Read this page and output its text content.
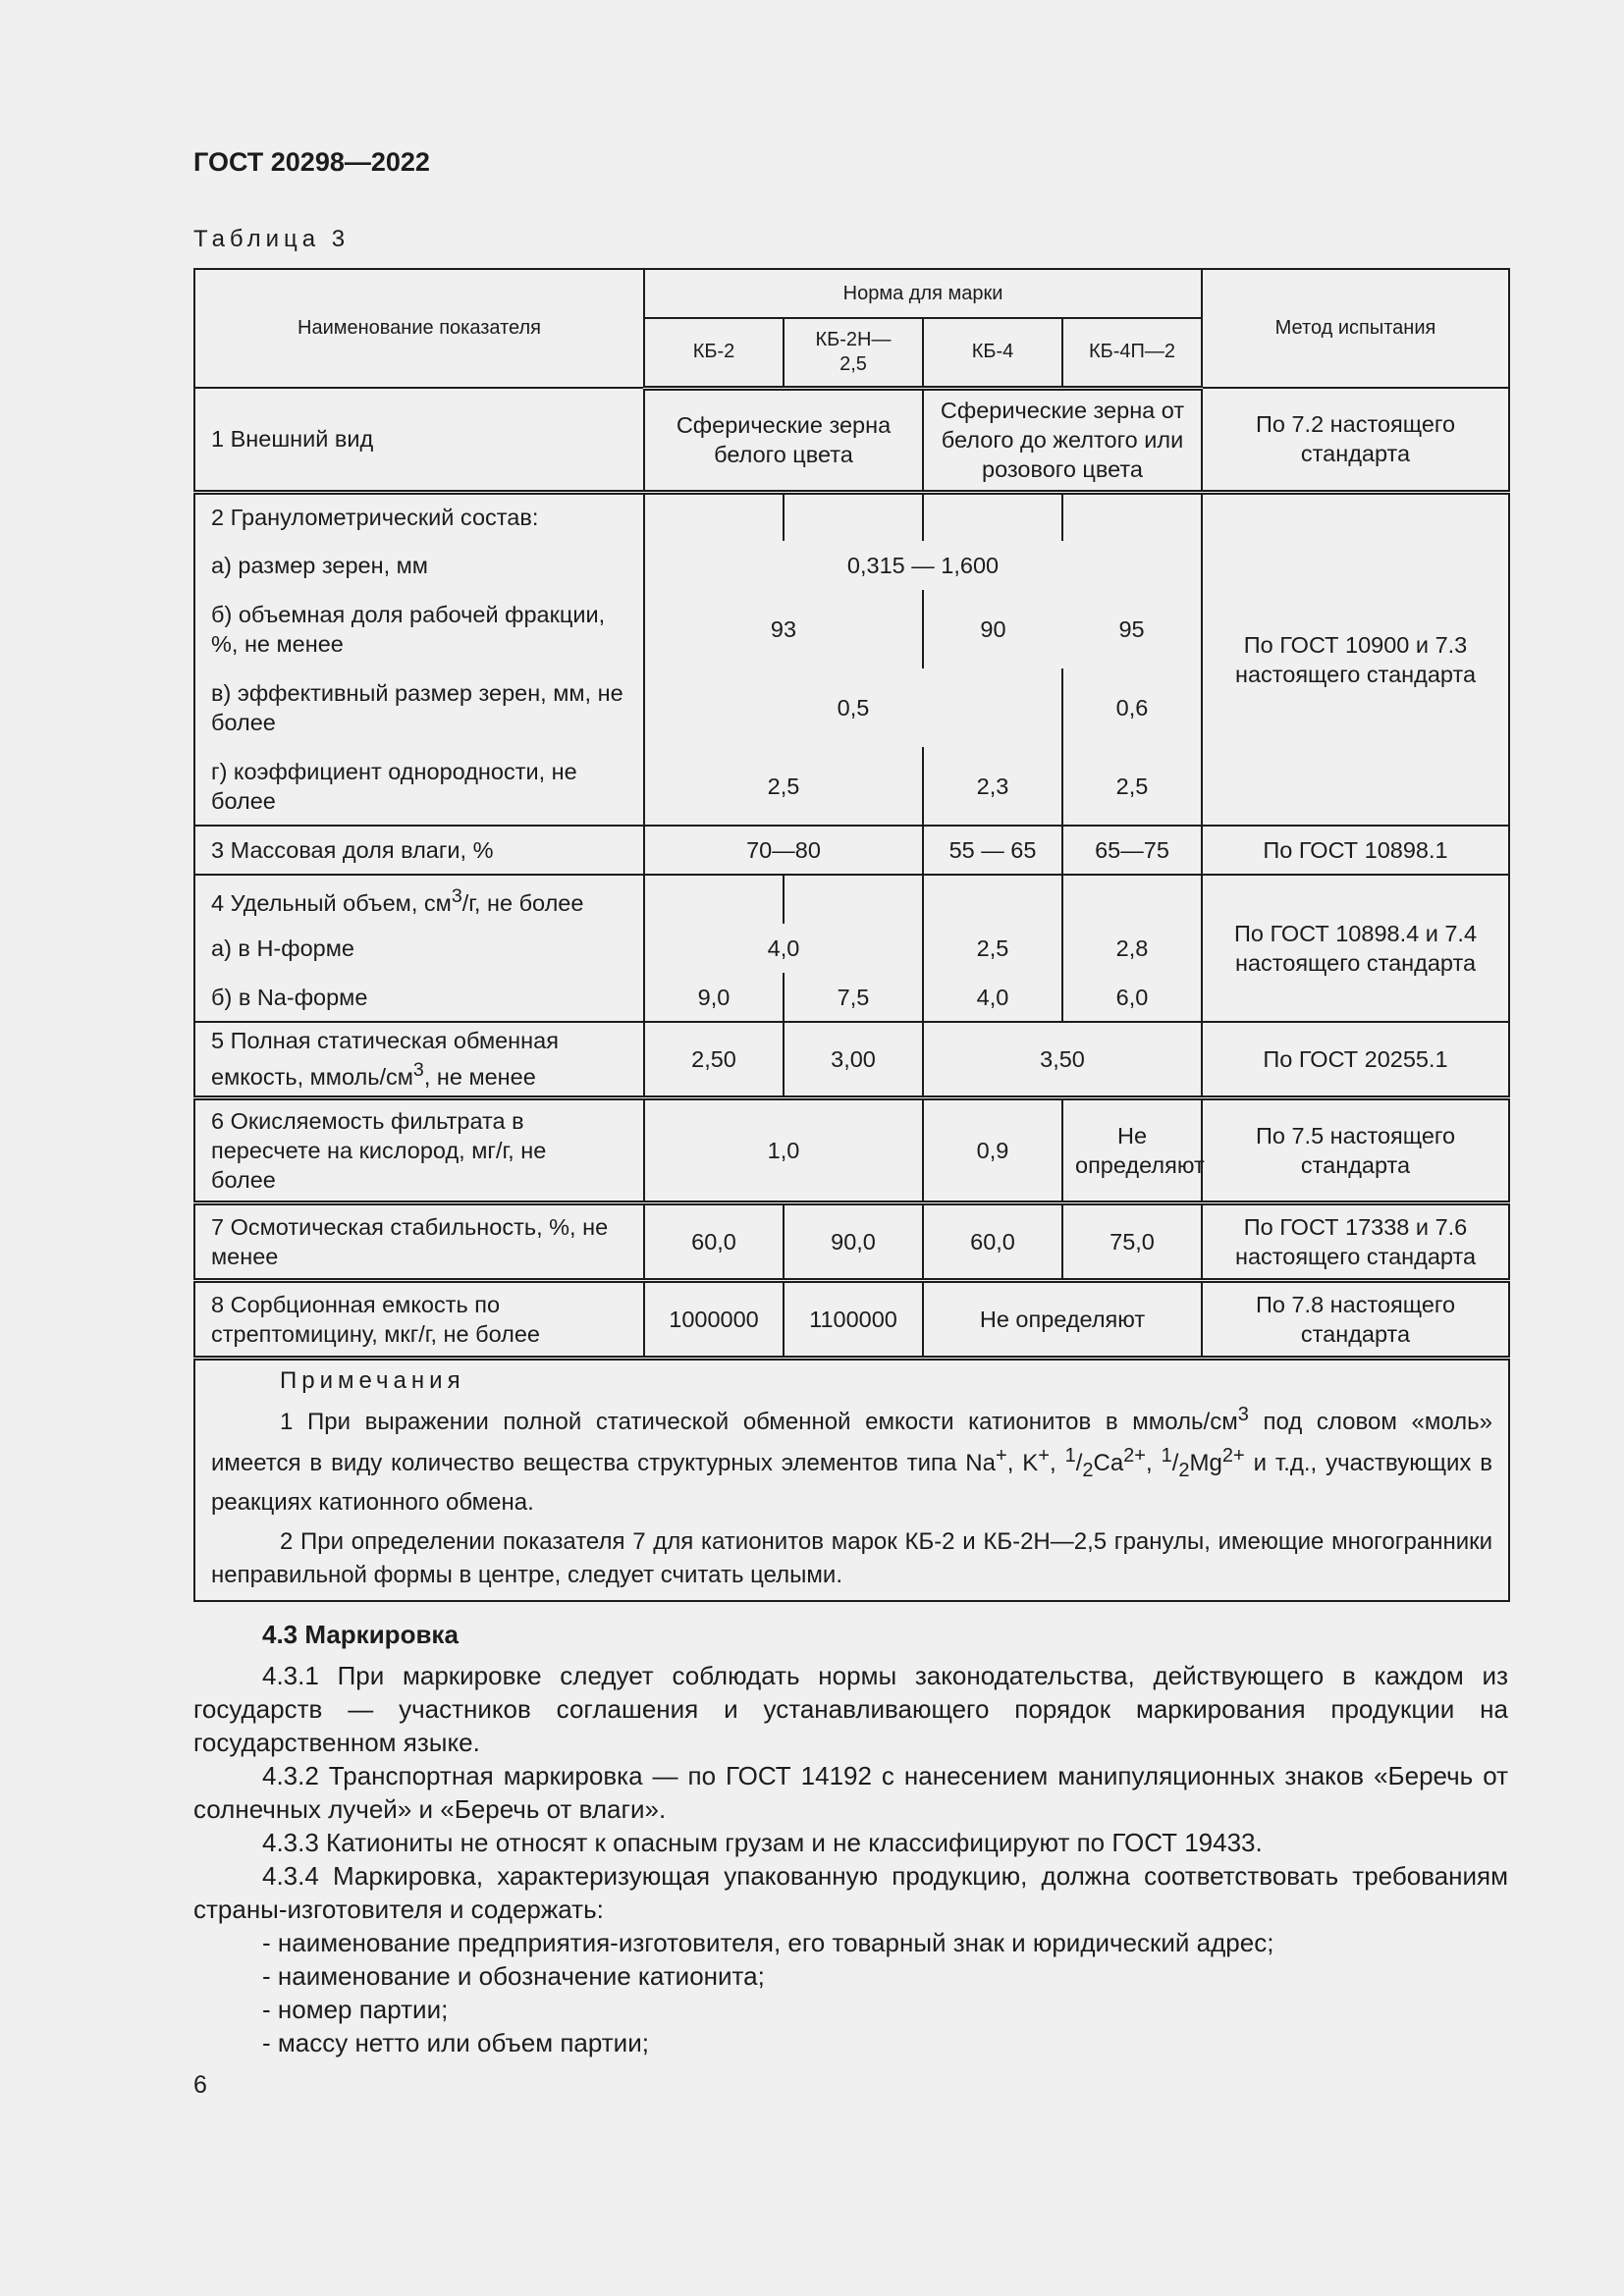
ГОСТ 20298—2022
Таблица 3
Наименование показателя	Норма для марки				Метод испытания
	КБ-2	КБ-2Н—2,5	КБ-4	КБ-4П—2	
1 Внешний вид	Сферические зерна белого цвета		Сферические зерна от белого до желтого или розового цвета		По 7.2 настоящего стандарта
2 Гранулометрический состав:					По ГОСТ 10900 и 7.3 настоящего стандарта
а) размер зерен, мм	0,315 — 1,600				
б) объемная доля рабочей фракции, %, не менее	93		90	95	
в) эффективный размер зерен, мм, не более	0,5			0,6	
г) коэффициент однородности, не более	2,5		2,3	2,5	
3 Массовая доля влаги, %	70—80		55 — 65	65—75	По ГОСТ 10898.1
4 Удельный объем, $см^3/г$, не более					По ГОСТ 10898.4 и 7.4 настоящего стандарта
а) в Н-форме	4,0		2,5	2,8	
б) в Na-форме	9,0	7,5	4,0	6,0	
5 Полная статическая обменная емкость, ммоль/$см^3$, не менее	2,50	3,00	3,50		По ГОСТ 20255.1
6 Окисляемость фильтрата в пересчете на кислород, мг/г, не более	1,0		0,9	Не определяют	По 7.5 настоящего стандарта
7 Осмотическая стабильность, %, не менее	60,0	90,0	60,0	75,0	По ГОСТ 17338 и 7.6 настоящего стандарта
8 Сорбционная емкость по стрептомицину, мкг/г, не более	1000000	1100000	Не определяют		По 7.8 настоящего стандарта

Примечания

1 При выражении полной статической обменной емкости катионитов в ммоль/$см^3$ под словом «моль» имеется в виду количество вещества структурных элементов типа Na+, K+, $^1/_2Ca^{2+}$, $^1/_2Mg^{2+}$ и т.д., участвующих в реакциях катионного обмена.

2 При определении показателя 7 для катионитов марок КБ-2 и КБ-2Н—2,5 гранулы, имеющие многогранники неправильной формы в центре, следует считать целыми.					

4.3 Маркировка

4.3.1 При маркировке следует соблюдать нормы законодательства, действующего в каждом из государств — участников соглашения и устанавливающего порядок маркирования продукции на государственном языке.

4.3.2 Транспортная маркировка — по ГОСТ 14192 с нанесением манипуляционных знаков «Беречь от солнечных лучей» и «Беречь от влаги».

4.3.3 Катиониты не относят к опасным грузам и не классифицируют по ГОСТ 19433.

4.3.4 Маркировка, характеризующая упакованную продукцию, должна соответствовать требованиям страны-изготовителя и содержать:

- наименование предприятия-изготовителя, его товарный знак и юридический адрес;

- наименование и обозначение катионита;

- номер партии;

- массу нетто или объем партии;

6
